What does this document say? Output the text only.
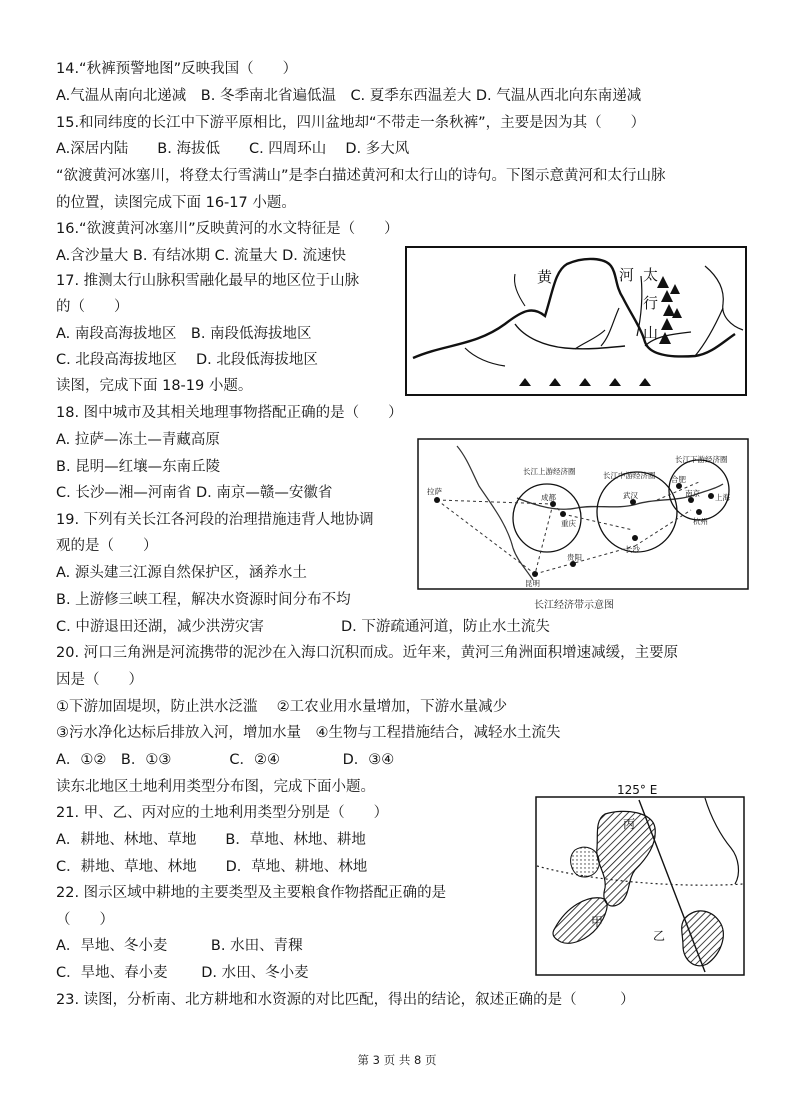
14.“秋裤预警地图”反映我国（　　）
A.气温从南向北递减　B. 冬季南北省遍低温　C. 夏季东西温差大 D. 气温从西北向东南递减
15.和同纬度的长江中下游平原相比，四川盆地却“不带走一条秋裤”，主要是因为其（　　）
A.深居内陆　　B. 海拔低　　C. 四周环山　 D. 多大风
“欲渡黄河冰塞川，将登太行雪满山”是李白描述黄河和太行山的诗句。下图示意黄河和太行山脉
的位置，读图完成下面 16-17 小题。
16.“欲渡黄河冰塞川”反映黄河的水文特征是（　　）
A.含沙量大 B. 有结冰期 C. 流量大 D. 流速快
17. 推测太行山脉积雪融化最早的地区位于山脉
的（　　）
A. 南段高海拔地区　B. 南段低海拔地区
C. 北段高海拔地区　 D. 北段低海拔地区
读图，完成下面 18-19 小题。
18. 图中城市及其相关地理事物搭配正确的是（　　）
A. 拉萨—冻土—青藏高原
B. 昆明—红壤—东南丘陵
C. 长沙—湘—河南省 D. 南京—赣—安徽省
19. 下列有关长江各河段的治理措施违背人地协调
观的是（　　）
A. 源头建三江源自然保护区，涵养水土
B. 上游修三峡工程，解决水资源时间分布不均
C. 中游退田还湖，减少洪涝灾害　　　　　 D. 下游疏通河道，防止水土流失
20. 河口三角洲是河流携带的泥沙在入海口沉积而成。近年来，黄河三角洲面积增速减缓，主要原
因是（　　）
①下游加固堤坝，防止洪水泛滥　 ②工农业用水量增加，下游水量减少
③污水净化达标后排放入河，增加水量　④生物与工程措施结合，减轻水土流失
A．①②　B．①③　　　　C．②④　　　　 D．③④
读东北地区土地利用类型分布图，完成下面小题。
21. 甲、乙、丙对应的土地利用类型分别是（　　）
A．耕地、林地、草地　　B．草地、林地、耕地
C．耕地、草地、林地　　D．草地、耕地、林地
22. 图示区域中耕地的主要类型及主要粮食作物搭配正确的是
（　　）
A．旱地、冬小麦　　　B. 水田、青稞
C．旱地、春小麦　　 D. 水田、冬小麦
23. 读图，分析南、北方耕地和水资源的对比匹配，得出的结论，叙述正确的是（　　　）
黄	河 太
行
山
长江上游经济圈	长江中游经济圈
长江下游经济圈
拉萨
成都
重庆
武汉
长沙
合肥
南京 上海
杭州
贵阳
昆明
长江经济带示意图
125° E
丙
甲
乙
第 3 页 共 8 页
